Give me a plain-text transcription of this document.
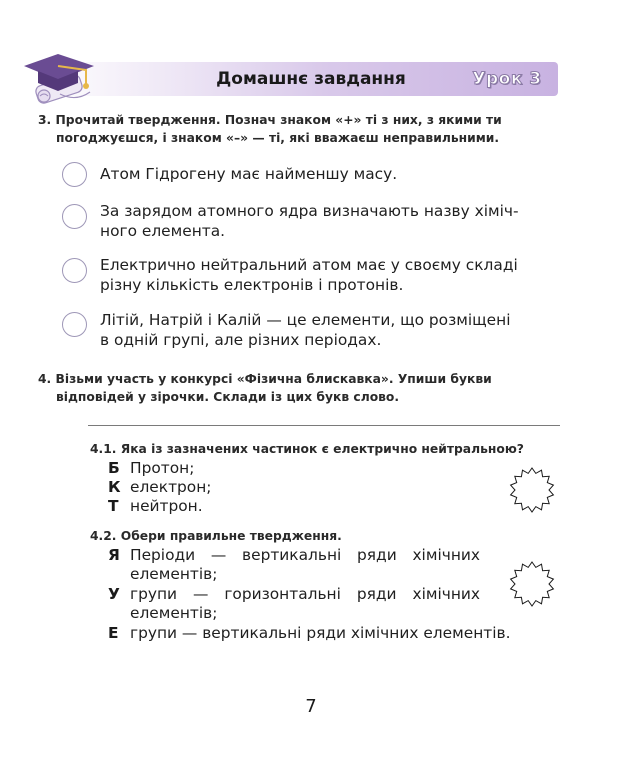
Домашнє завдання	Урок 3
3. Прочитай твердження. Познач знаком «+» ті з них, з якими ти
погоджуєшся, і знаком «–» — ті, які вважаєш неправильними.
Атом Гідрогену має найменшу масу.
За зарядом атомного ядра визначають назву хіміч-
ного елемента.
Електрично нейтральний атом має у своєму складі
різну кількість електронів і протонів.
Літій, Натрій і Калій — це елементи, що розміщені
в одній групі, але різних періодах.
4. Візьми участь у конкурсі «Фізична блискавка». Упиши букви
відповідей у зірочки. Склади із цих букв слово.
4.1. Яка із зазначених частинок є електрично нейтральною?
Б Протон;
К електрон;
Т нейтрон.
4.2. Обери правильне твердження.
Я Періоди — вертикальні ряди хімічних
елементів;
У групи — горизонтальні ряди хімічних
елементів;
Е групи — вертикальні ряди хімічних елементів.
7
